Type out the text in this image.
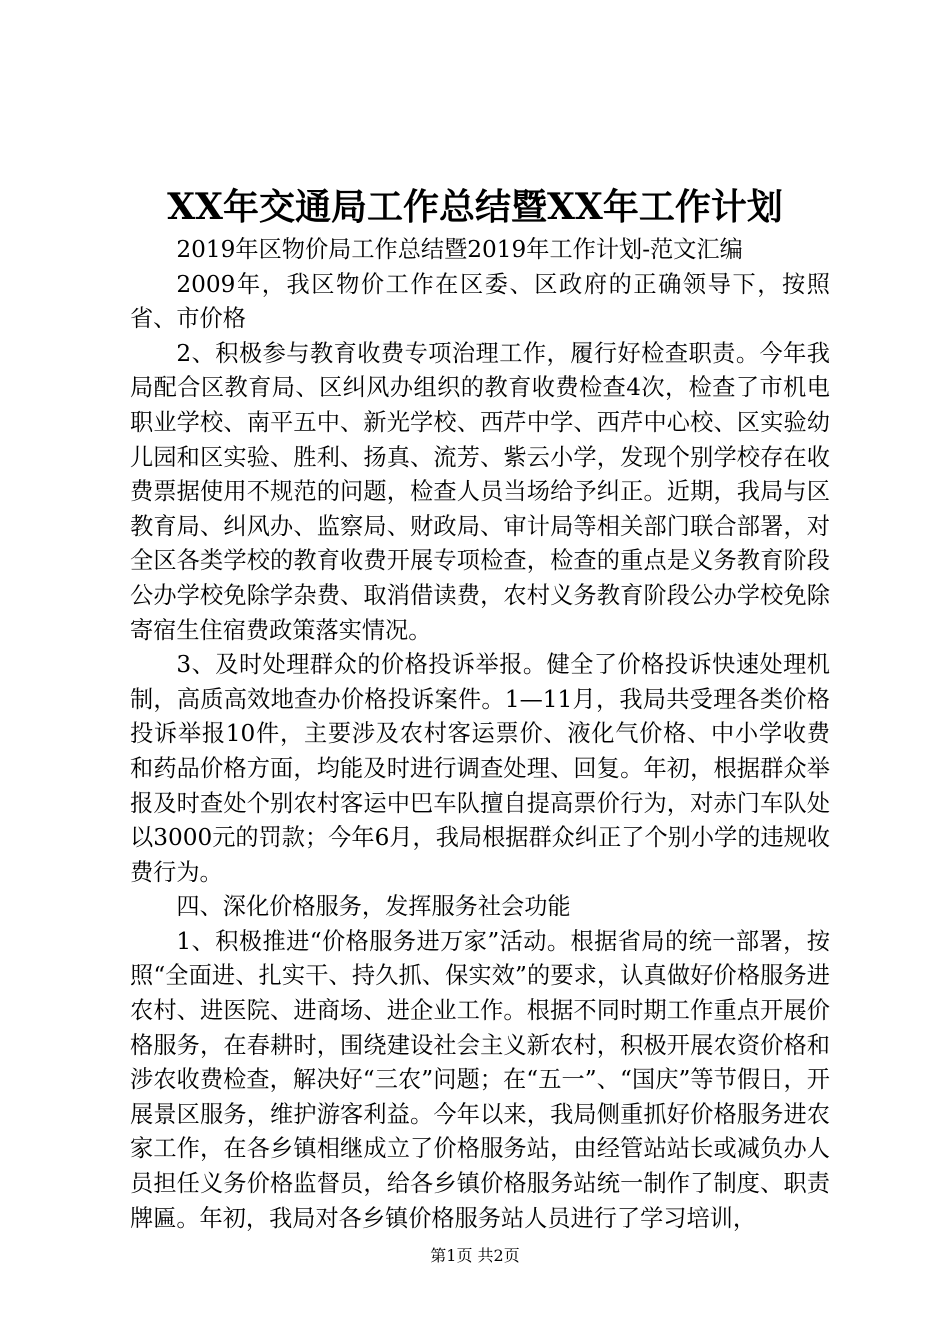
XX年交通局工作总结暨XX年工作计划

2019年区物价局工作总结暨2019年工作计划-范文汇编

2009年，我区物价工作在区委、区政府的正确领导下，按照省、市价格

2、积极参与教育收费专项治理工作，履行好检查职责。今年我局配合区教育局、区纠风办组织的教育收费检查4次，检查了市机电职业学校、南平五中、新光学校、西芹中学、西芹中心校、区实验幼儿园和区实验、胜利、扬真、流芳、紫云小学，发现个别学校存在收费票据使用不规范的问题，检查人员当场给予纠正。近期，我局与区教育局、纠风办、监察局、财政局、审计局等相关部门联合部署，对全区各类学校的教育收费开展专项检查，检查的重点是义务教育阶段公办学校免除学杂费、取消借读费，农村义务教育阶段公办学校免除寄宿生住宿费政策落实情况。

3、及时处理群众的价格投诉举报。健全了价格投诉快速处理机制，高质高效地查办价格投诉案件。1—11月，我局共受理各类价格投诉举报10件，主要涉及农村客运票价、液化气价格、中小学收费和药品价格方面，均能及时进行调查处理、回复。年初，根据群众举报及时查处个别农村客运中巴车队擅自提高票价行为，对赤门车队处以3000元的罚款；今年6月，我局根据群众纠正了个别小学的违规收费行为。

四、深化价格服务，发挥服务社会功能

1、积极推进“价格服务进万家”活动。根据省局的统一部署，按照“全面进、扎实干、持久抓、保实效”的要求，认真做好价格服务进农村、进医院、进商场、进企业工作。根据不同时期工作重点开展价格服务，在春耕时，围绕建设社会主义新农村，积极开展农资价格和涉农收费检查，解决好“三农”问题；在“五一”、“国庆”等节假日，开展景区服务，维护游客利益。今年以来，我局侧重抓好价格服务进农家工作，在各乡镇相继成立了价格服务站，由经管站站长或减负办人员担任义务价格监督员，给各乡镇价格服务站统一制作了制度、职责牌匾。年初，我局对各乡镇价格服务站人员进行了学习培训，

第1页 共2页
